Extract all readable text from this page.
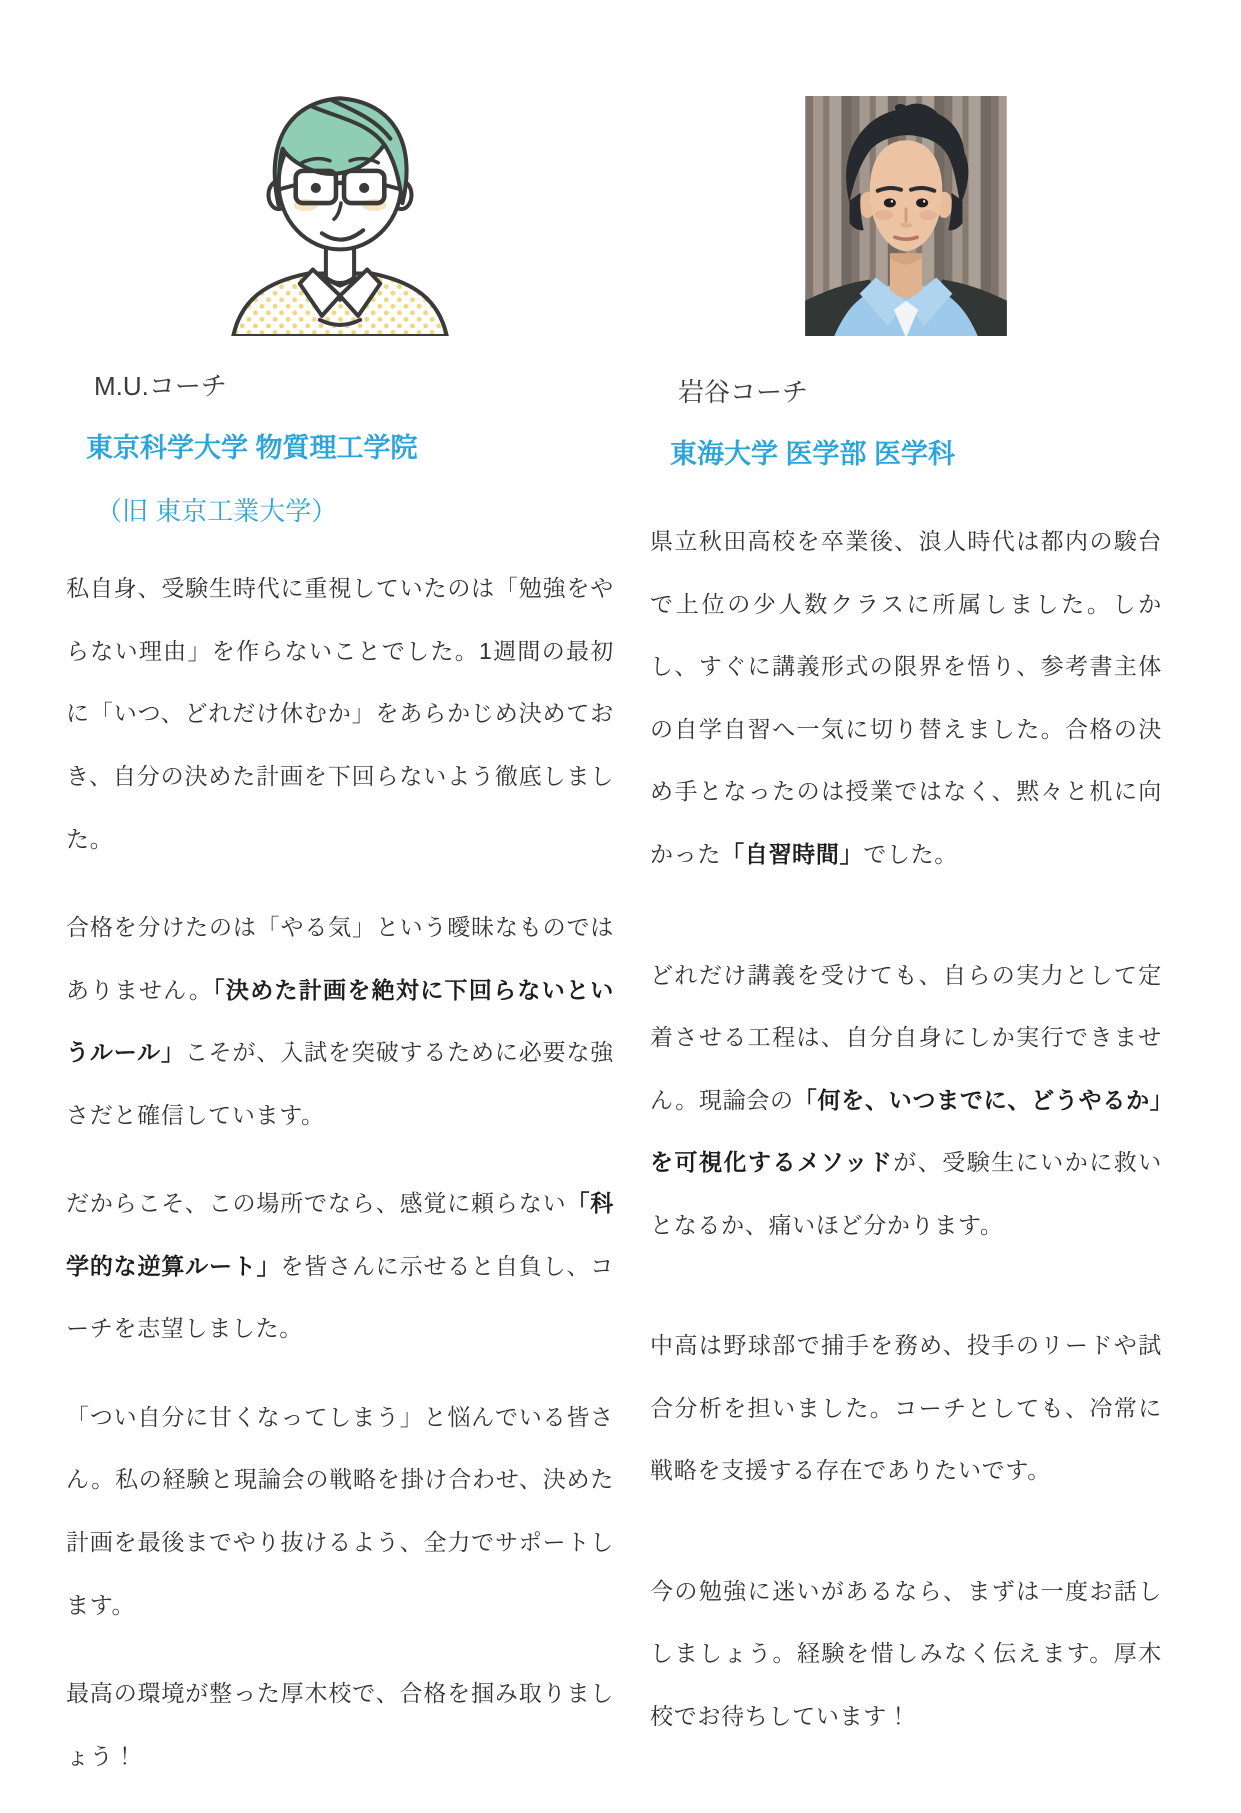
M.U.コーチ

東京科学大学 物質理工学院

（旧 東京工業大学）

私自身、受験生時代に重視していたのは「勉強をやらない理由」を作らないことでした。1週間の最初に「いつ、どれだけ休むか」をあらかじめ決めておき、自分の決めた計画を下回らないよう徹底しました。

合格を分けたのは「やる気」という曖昧なものではありません。「決めた計画を絶対に下回らないというルール」こそが、入試を突破するために必要な強さだと確信しています。

だからこそ、この場所でなら、感覚に頼らない「科学的な逆算ルート」を皆さんに示せると自負し、コーチを志望しました。

「つい自分に甘くなってしまう」と悩んでいる皆さん。私の経験と現論会の戦略を掛け合わせ、決めた計画を最後までやり抜けるよう、全力でサポートします。

最高の環境が整った厚木校で、合格を掴み取りましょう！

岩谷コーチ

東海大学 医学部 医学科

県立秋田高校を卒業後、浪人時代は都内の駿台で上位の少人数クラスに所属しました。しかし、すぐに講義形式の限界を悟り、参考書主体の自学自習へ一気に切り替えました。合格の決め手となったのは授業ではなく、黙々と机に向かった「自習時間」でした。

どれだけ講義を受けても、自らの実力として定着させる工程は、自分自身にしか実行できません。現論会の「何を、いつまでに、どうやるか」を可視化するメソッドが、受験生にいかに救いとなるか、痛いほど分かります。

中高は野球部で捕手を務め、投手のリードや試合分析を担いました。コーチとしても、冷常に戦略を支援する存在でありたいです。

今の勉強に迷いがあるなら、まずは一度お話ししましょう。経験を惜しみなく伝えます。厚木校でお待ちしています！
